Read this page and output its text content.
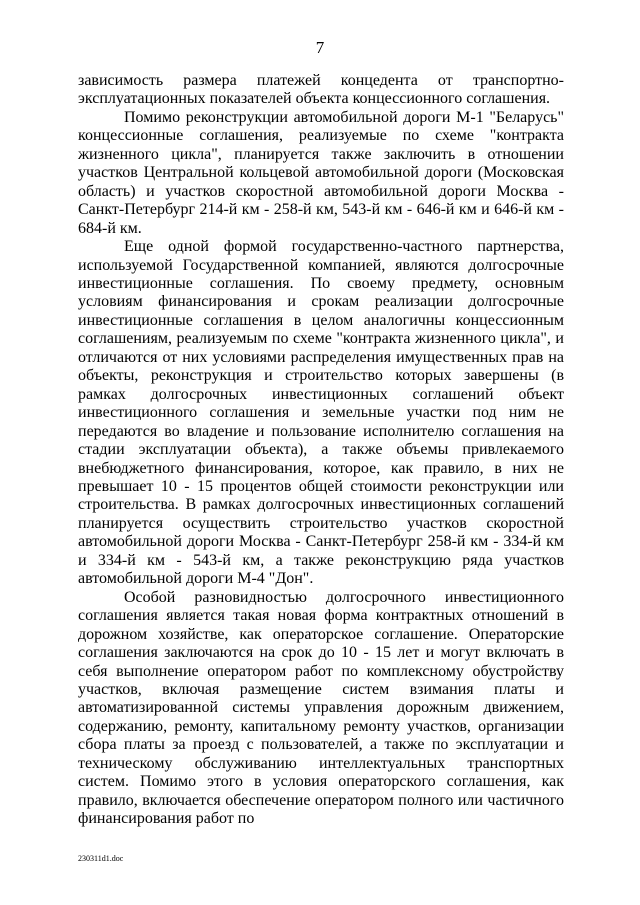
7

зависимость размера платежей концедента от транспортно-эксплуатационных показателей объекта концессионного соглашения.

Помимо реконструкции автомобильной дороги М-1 "Беларусь" концессионные соглашения, реализуемые по схеме "контракта жизненного цикла", планируется также заключить в отношении участков Центральной кольцевой автомобильной дороги (Московская область) и участков скоростной автомобильной дороги Москва - Санкт-Петербург 214-й км - 258-й км, 543-й км - 646-й км и 646-й км - 684-й км.

Еще одной формой государственно-частного партнерства, используемой Государственной компанией, являются долгосрочные инвестиционные соглашения. По своему предмету, основным условиям финансирования и срокам реализации долгосрочные инвестиционные соглашения в целом аналогичны концессионным соглашениям, реализуемым по схеме "контракта жизненного цикла", и отличаются от них условиями распределения имущественных прав на объекты, реконструкция и строительство которых завершены (в рамках долгосрочных инвестиционных соглашений объект инвестиционного соглашения и земельные участки под ним не передаются во владение и пользование исполнителю соглашения на стадии эксплуатации объекта), а также объемы привлекаемого внебюджетного финансирования, которое, как правило, в них не превышает 10 - 15 процентов общей стоимости реконструкции или строительства. В рамках долгосрочных инвестиционных соглашений планируется осуществить строительство участков скоростной автомобильной дороги Москва - Санкт-Петербург 258-й км - 334-й км и 334-й км - 543-й км, а также реконструкцию ряда участков автомобильной дороги М-4 "Дон".

Особой разновидностью долгосрочного инвестиционного соглашения является такая новая форма контрактных отношений в дорожном хозяйстве, как операторское соглашение. Операторские соглашения заключаются на срок до 10 - 15 лет и могут включать в себя выполнение оператором работ по комплексному обустройству участков, включая размещение систем взимания платы и автоматизированной системы управления дорожным движением, содержанию, ремонту, капитальному ремонту участков, организации сбора платы за проезд с пользователей, а также по эксплуатации и техническому обслуживанию интеллектуальных транспортных систем. Помимо этого в условия операторского соглашения, как правило, включается обеспечение оператором полного или частичного финансирования работ по

230311d1.doc
